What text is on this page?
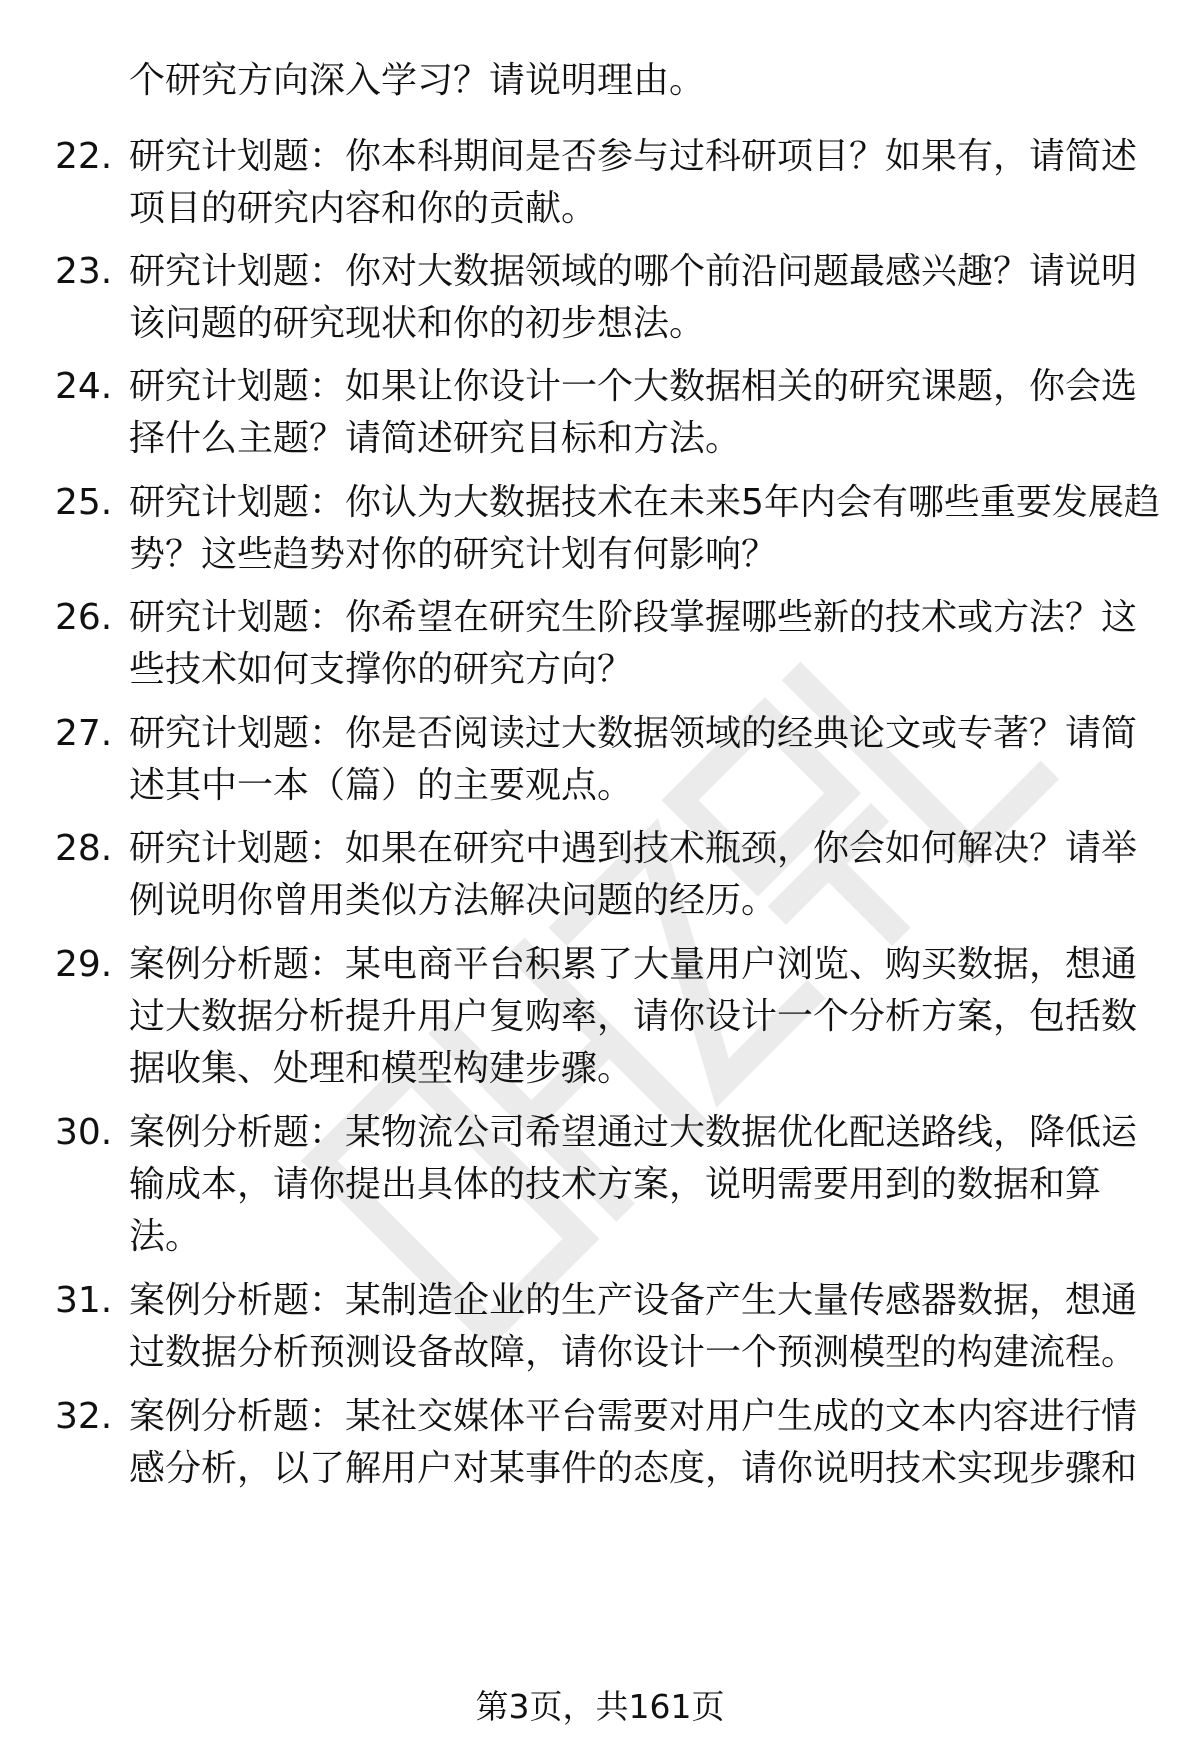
个研究方向深入学习？请说明理由。
22. 研究计划题：你本科期间是否参与过科研项目？如果有，请简述
项目的研究内容和你的贡献。
23. 研究计划题：你对大数据领域的哪个前沿问题最感兴趣？请说明
该问题的研究现状和你的初步想法。
24. 研究计划题：如果让你设计一个大数据相关的研究课题，你会选
择什么主题？请简述研究目标和方法。
25. 研究计划题：你认为大数据技术在未来5年内会有哪些重要发展趋
势？这些趋势对你的研究计划有何影响？
26. 研究计划题：你希望在研究生阶段掌握哪些新的技术或方法？这
些技术如何支撑你的研究方向？
27. 研究计划题：你是否阅读过大数据领域的经典论文或专著？请简
述其中一本（篇）的主要观点。
28. 研究计划题：如果在研究中遇到技术瓶颈，你会如何解决？请举
例说明你曾用类似方法解决问题的经历。
29. 案例分析题：某电商平台积累了大量用户浏览、购买数据，想通
过大数据分析提升用户复购率，请你设计一个分析方案，包括数
据收集、处理和模型构建步骤。
30. 案例分析题：某物流公司希望通过大数据优化配送路线，降低运
输成本，请你提出具体的技术方案，说明需要用到的数据和算
法。
31. 案例分析题：某制造企业的生产设备产生大量传感器数据，想通
过数据分析预测设备故障，请你设计一个预测模型的构建流程。
32. 案例分析题：某社交媒体平台需要对用户生成的文本内容进行情
感分析，以了解用户对某事件的态度，请你说明技术实现步骤和
第3页，共161页
